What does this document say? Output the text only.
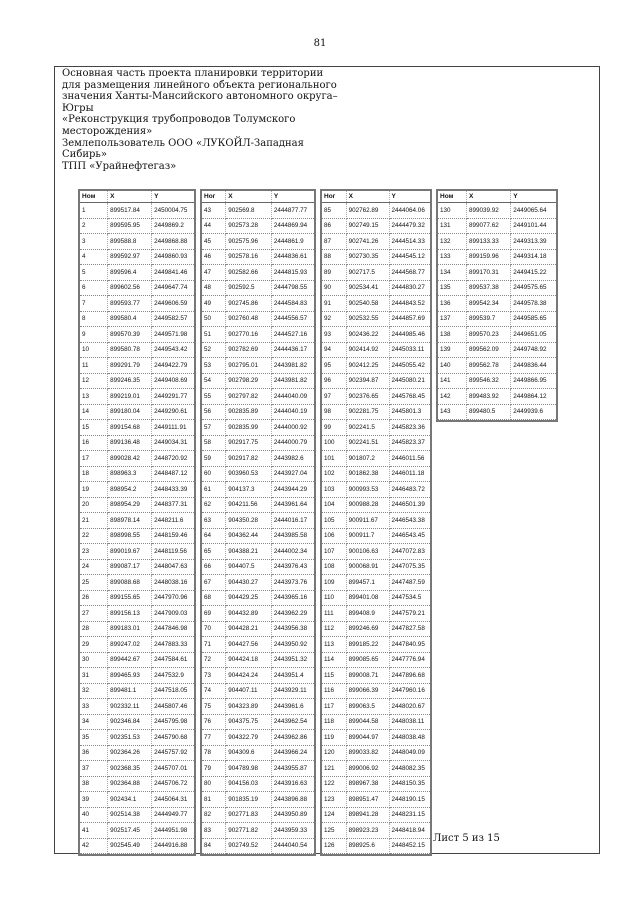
81
Основная часть проекта планировки территории
для размещения линейного объекта регионального
значения Ханты-Мансийского автономного округа–
Югры
«Реконструкция трубопроводов Толумского
месторождения»
Землепользователь ООО «ЛУКОЙЛ-Западная
Сибирь»
ТПП «Урайнефтегаз»
Ном	X	Y
1	899517.84	2450004.75
2	899595.95	2449869.2
3	899588.8	2449868.88
4	899592.97	2449860.93
5	899596.4	2449841.46
6	899602.56	2449647.74
7	899593.77	2449606.59
8	899580.4	2449582.57
9	899570.39	2449571.98
10	899580.78	2449543.42
11	899291.79	2449422.79
12	899246.35	2449408.69
13	899219.01	2449291.77
14	899180.04	2449290.61
15	899154.68	2449111.91
16	899136.48	2449034.31
17	899028.42	2448720.92
18	898963.3	2448487.12
19	898954.2	2448433.39
20	898954.29	2448377.31
21	898978.14	2448211.6
22	898998.55	2448159.46
23	899019.67	2448119.56
24	899087.17	2448047.63
25	899088.68	2448038.16
26	899155.65	2447970.96
27	899156.13	2447909.03
28	899183.01	2447846.98
29	899247.02	2447883.33
30	899442.67	2447584.61
31	899465.93	2447532.9
32	899481.1	2447518.05
33	902332.11	2445807.46
34	902346.84	2445795.98
35	902351.53	2445790.68
36	902364.26	2445757.92
37	902368.35	2445707.01
38	902364.88	2445706.72
39	902434.1	2445064.31
40	902514.38	2444949.77
41	902517.45	2444951.98
42	902545.49	2444916.88
Ног	X	Y
43	902569.8	2444877.77
44	902573.28	2444869.94
45	902575.96	2444861.9
46	902578.16	2444836.61
47	902582.66	2444815.93
48	902592.5	2444798.55
49	902745.86	2444584.83
50	902760.48	2444556.57
51	902770.16	2444527.16
52	902782.69	2444436.17
53	902795.01	2443981.82
54	902798.29	2443981.82
55	902797.82	2444040.09
56	902835.89	2444040.19
57	902835.99	2444000.92
58	902917.75	2444000.79
59	902917.82	2443982.6
60	903960.53	2443927.04
61	904137.3	2443944.29
62	904211.56	2443961.64
63	904350.28	2444016.17
64	904362.44	2443985.58
65	904388.21	2444002.34
66	904407.5	2443976.43
67	904430.27	2443973.76
68	904429.25	2443965.16
69	904432.89	2443962.29
70	904428.21	2443956.38
71	904427.56	2443950.92
72	904424.18	2443951.32
73	904424.24	2443951.4
74	904407.11	2443929.11
75	904323.89	2443961.6
76	904375.75	2443962.54
77	904322.79	2443962.86
78	904309.6	2443966.24
79	904789.98	2443955.87
80	904156.03	2443916.63
81	901835.19	2443896.88
82	902771.83	2443950.89
83	902771.82	2443959.33
84	902749.52	2444040.54
Ног	X	Y
85	902762.89	2444064.06
86	902749.15	2444479.32
87	902741.26	2444514.33
88	902730.35	2444545.12
89	902717.5	2444568.77
90	902534.41	2444830.27
91	902540.58	2444843.52
92	902532.55	2444857.69
93	902436.22	2444985.46
94	902414.92	2445033.11
95	902412.25	2445055.42
96	902394.87	2445080.21
97	902376.65	2445768.45
98	902281.75	2445801.3
99	902241.5	2445823.36
100	902241.51	2445823.37
101	901807.2	2446011.56
102	901862.38	2446011.18
103	900993.53	2446483.72
104	900988.28	2446501.39
105	900911.67	2446543.38
106	900911.7	2446543.45
107	900106.63	2447072.83
108	900068.91	2447075.35
109	899457.1	2447487.59
110	899401.08	2447534.5
111	899408.9	2447579.21
112	899246.69	2447827.58
113	899185.22	2447840.95
114	899085.65	2447776.94
115	899008.71	2447896.68
116	899066.39	2447960.16
117	899063.5	2448020.67
118	899044.58	2448038.11
119	899044.97	2448038.48
120	899033.82	2448049.09
121	899006.92	2448082.35
122	898967.38	2448150.35
123	898951.47	2448190.15
124	898941.28	2448231.15
125	898923.23	2448418.94
126	898925.6	2448452.15
Ном	X	Y
130	899039.92	2449065.64
131	899077.62	2449101.44
132	899133.33	2449313.39
133	899159.96	2449314.18
134	899170.31	2449415.22
135	899537.38	2449575.65
136	899542.34	2449578.38
137	899539.7	2449585.65
138	899570.23	2449651.05
139	899562.09	2449748.92
140	899562.78	2449836.44
141	899546.32	2449866.95
142	899483.92	2449864.12
143	899480.5	2449939.6
Лист 5 из 15
